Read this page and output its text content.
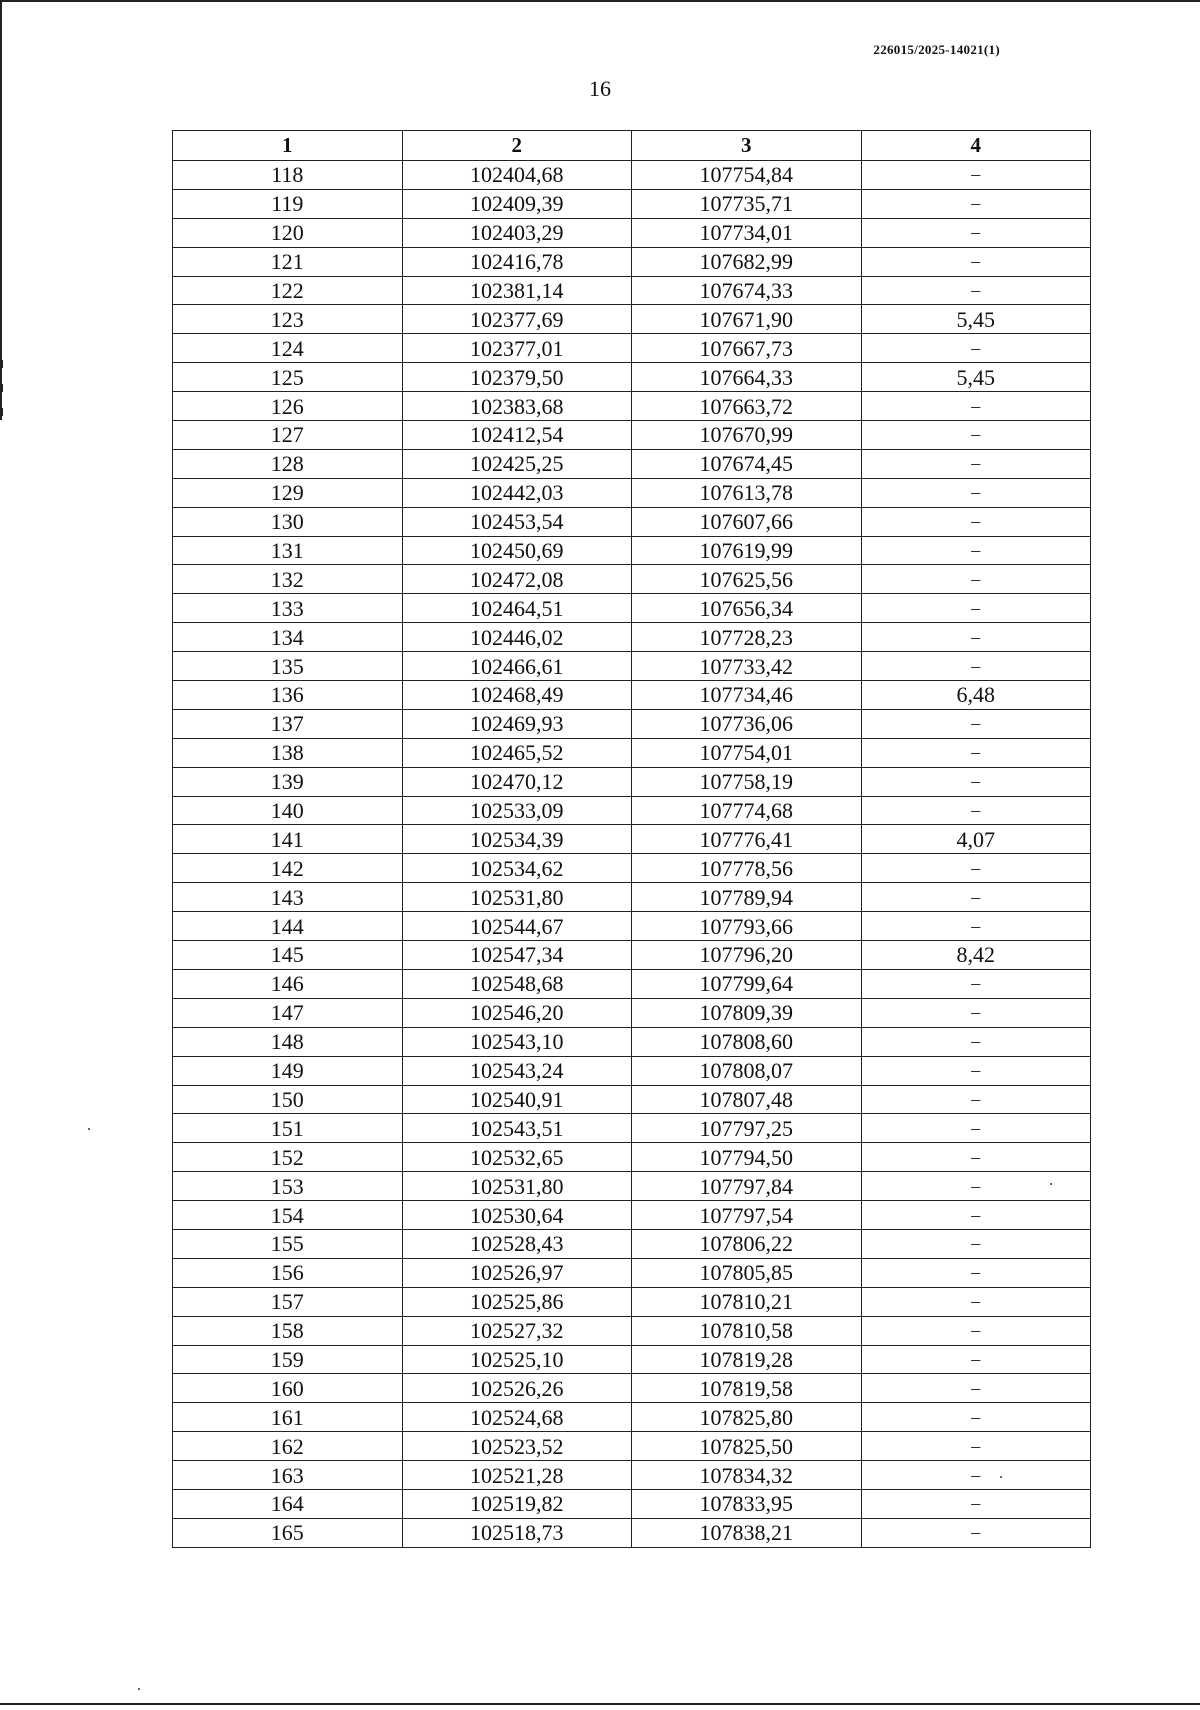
226015/2025-14021(1)
16
1	2	3	4
118	102404,68	107754,84	–
119	102409,39	107735,71	–
120	102403,29	107734,01	–
121	102416,78	107682,99	–
122	102381,14	107674,33	–
123	102377,69	107671,90	5,45
124	102377,01	107667,73	–
125	102379,50	107664,33	5,45
126	102383,68	107663,72	–
127	102412,54	107670,99	–
128	102425,25	107674,45	–
129	102442,03	107613,78	–
130	102453,54	107607,66	–
131	102450,69	107619,99	–
132	102472,08	107625,56	–
133	102464,51	107656,34	–
134	102446,02	107728,23	–
135	102466,61	107733,42	–
136	102468,49	107734,46	6,48
137	102469,93	107736,06	–
138	102465,52	107754,01	–
139	102470,12	107758,19	–
140	102533,09	107774,68	–
141	102534,39	107776,41	4,07
142	102534,62	107778,56	–
143	102531,80	107789,94	–
144	102544,67	107793,66	–
145	102547,34	107796,20	8,42
146	102548,68	107799,64	–
147	102546,20	107809,39	–
148	102543,10	107808,60	–
149	102543,24	107808,07	–
150	102540,91	107807,48	–
151	102543,51	107797,25	–
152	102532,65	107794,50	–
153	102531,80	107797,84	–
154	102530,64	107797,54	–
155	102528,43	107806,22	–
156	102526,97	107805,85	–
157	102525,86	107810,21	–
158	102527,32	107810,58	–
159	102525,10	107819,28	–
160	102526,26	107819,58	–
161	102524,68	107825,80	–
162	102523,52	107825,50	–
163	102521,28	107834,32	–
164	102519,82	107833,95	–
165	102518,73	107838,21	–
